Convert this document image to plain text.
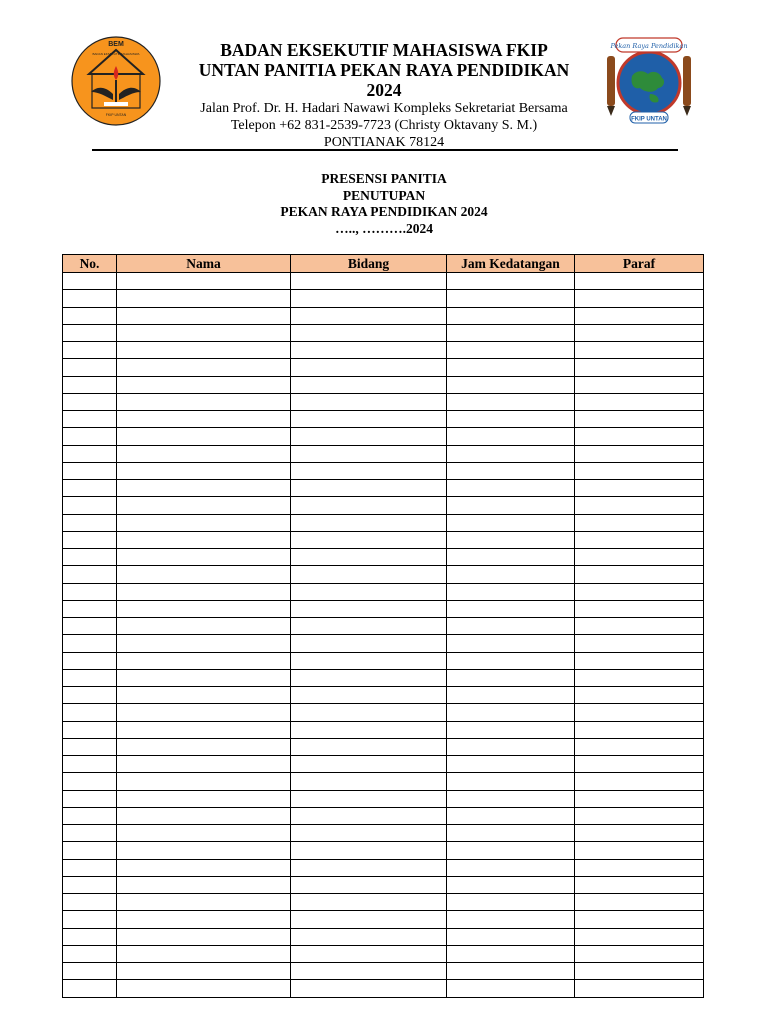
BEM
BADAN EKSEKUTIF MAHASISWA
FKIP UNTAN
BADAN EKSEKUTIF MAHASISWA FKIP
UNTAN PANITIA PEKAN RAYA PENDIDIKAN
2024
Jalan Prof. Dr. H. Hadari Nawawi Kompleks Sekretariat Bersama
Telepon +62 831-2539-7723 (Christy Oktavany S. M.)
PONTIANAK 78124
Pekan Raya Pendidikan
FKIP UNTAN
PRESENSI PANITIA
PENUTUPAN
PEKAN RAYA PENDIDIKAN 2024
….., ……….2024
No.	Nama	Bidang	Jam Kedatangan	Paraf
